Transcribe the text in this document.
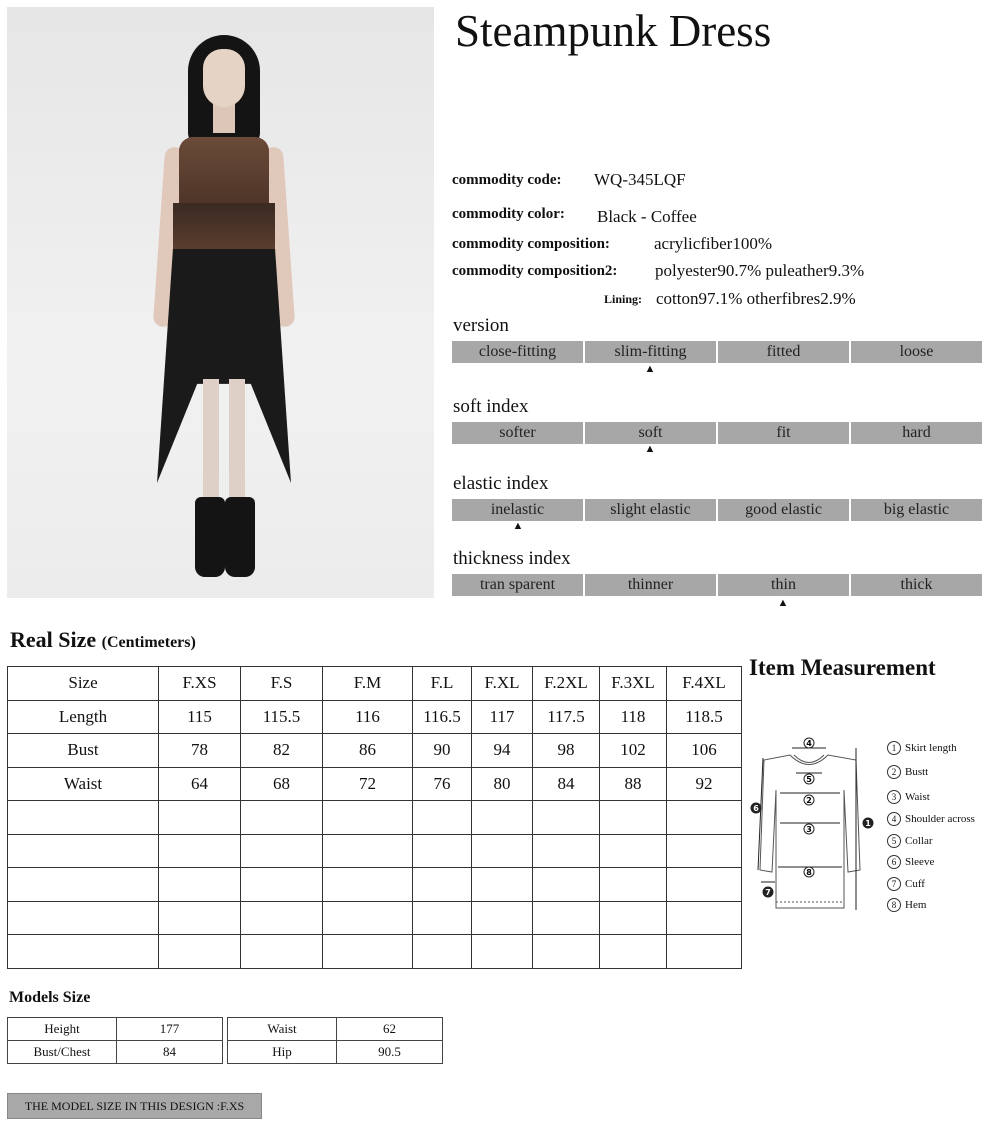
Steampunk Dress
commodity code: WQ-345LQF
commodity color: Black - Coffee
commodity composition:	acrylicfiber100%
commodity composition2: polyester90.7% puleather9.3%
Lining: cotton97.1% otherfibres2.9%
version
close-fitting	slim-fitting	fitted	loose
▲
soft index
softer	soft	fit	hard
▲
elastic index
inelastic	slight elastic	good elastic	big elastic
▲
thickness index
tran sparent	thinner	thin	thick
▲
Real Size (Centimeters)
Size	F.XS	F.S	F.M	F.L	F.XL	F.2XL	F.3XL	F.4XL
Length	115	115.5	116	116.5	117	117.5	118	118.5
Bust	78	82	86	90	94	98	102	106
Waist	64	68	72	76	80	84	88	92

Item Measurement
4
5
2
3
8
1
6
7
1 Skirt length
2 Bustt
3 Waist
4 Shoulder across
5 Collar
6 Sleeve
7 Cuff
8 Hem
Models Size
Height	177		Waist	62
Bust/Chest	84		Hip	90.5
THE MODEL SIZE IN THIS DESIGN :F.XS
